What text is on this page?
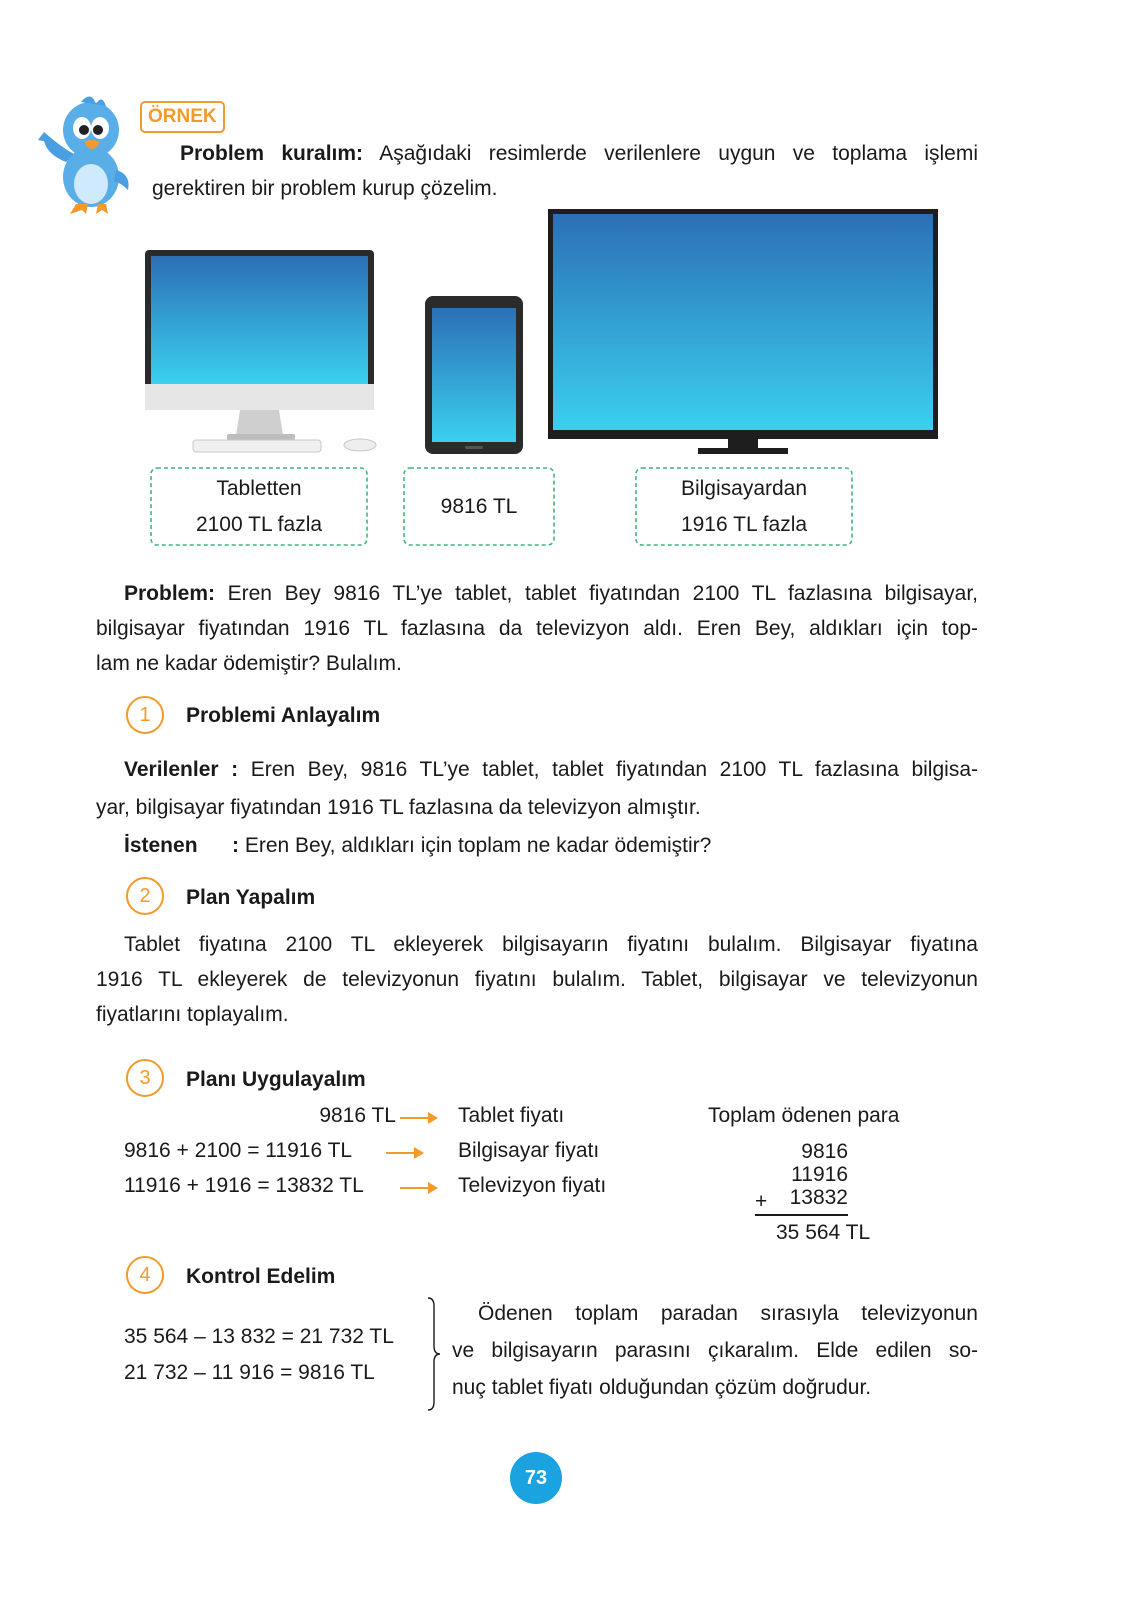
ÖRNEK
Problem kuralım: Aşağıdaki resimlerde verilenlere uygun ve toplama işlemi
gerektiren bir problem kurup çözelim.
Tabletten
2100 TL fazla
9816 TL
Bilgisayardan
1916 TL fazla
Problem: Eren Bey 9816 TL’ye tablet, tablet fiyatından 2100 TL fazlasına bilgisayar,
bilgisayar fiyatından 1916 TL fazlasına da televizyon aldı. Eren Bey, aldıkları için top-
lam ne kadar ödemiştir? Bulalım.
1	Problemi Anlayalım
Verilenler : Eren Bey, 9816 TL’ye tablet, tablet fiyatından 2100 TL fazlasına bilgisa-
yar, bilgisayar fiyatından 1916 TL fazlasına da televizyon almıştır.
İstenen : Eren Bey, aldıkları için toplam ne kadar ödemiştir?
2	Plan Yapalım
Tablet fiyatına 2100 TL ekleyerek bilgisayarın fiyatını bulalım. Bilgisayar fiyatına
1916 TL ekleyerek de televizyonun fiyatını bulalım. Tablet, bilgisayar ve televizyonun
fiyatlarını toplayalım.
3	Planı Uygulayalım
9816 TL	Tablet fiyatı
9816 + 2100 = 11916 TL	Bilgisayar fiyatı
11916 + 1916 = 13832 TL	Televizyon fiyatı
Toplam ödenen para
9816
11916
13832
+
35 564 TL
4	Kontrol Edelim
35 564 – 13 832 = 21 732 TL
21 732 – 11 916 = 9816 TL
Ödenen toplam paradan sırasıyla televizyonun
ve bilgisayarın parasını çıkaralım. Elde edilen so-
nuç tablet fiyatı olduğundan çözüm doğrudur.
73
